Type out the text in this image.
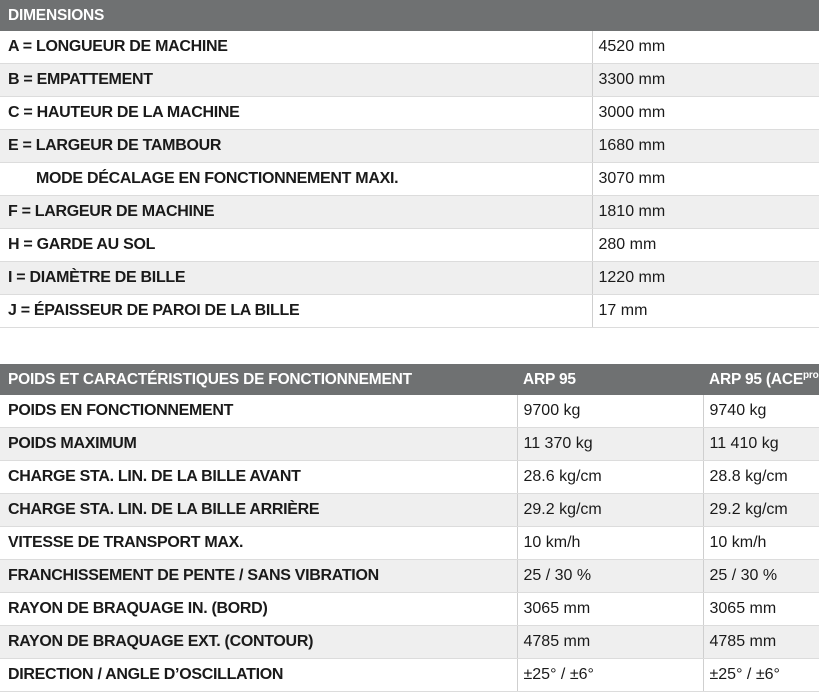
DIMENSIONS	
A = LONGUEUR DE MACHINE	4520 mm
B = EMPATTEMENT	3300 mm
C = HAUTEUR DE LA MACHINE	3000 mm
E = LARGEUR DE TAMBOUR	1680 mm
MODE DÉCALAGE EN FONCTIONNEMENT MAXI.	3070 mm
F = LARGEUR DE MACHINE	1810 mm
H = GARDE AU SOL	280 mm
I = DIAMÈTRE DE BILLE	1220 mm
J = ÉPAISSEUR DE PAROI DE LA BILLE	17 mm
POIDS ET CARACTÉRISTIQUES DE FONCTIONNEMENT	ARP 95	ARP 95 ($ACE^{pro}$
POIDS EN FONCTIONNEMENT	9700 kg	9740 kg
POIDS MAXIMUM	11 370 kg	11 410 kg
CHARGE STA. LIN. DE LA BILLE AVANT	28.6 kg/cm	28.8 kg/cm
CHARGE STA. LIN. DE LA BILLE ARRIÈRE	29.2 kg/cm	29.2 kg/cm
VITESSE DE TRANSPORT MAX.	10 km/h	10 km/h
FRANCHISSEMENT DE PENTE / SANS VIBRATION	25 / 30 %	25 / 30 %
RAYON DE BRAQUAGE IN. (BORD)	3065 mm	3065 mm
RAYON DE BRAQUAGE EXT. (CONTOUR)	4785 mm	4785 mm
DIRECTION / ANGLE D’OSCILLATION	±25° / ±6°	±25° / ±6°
